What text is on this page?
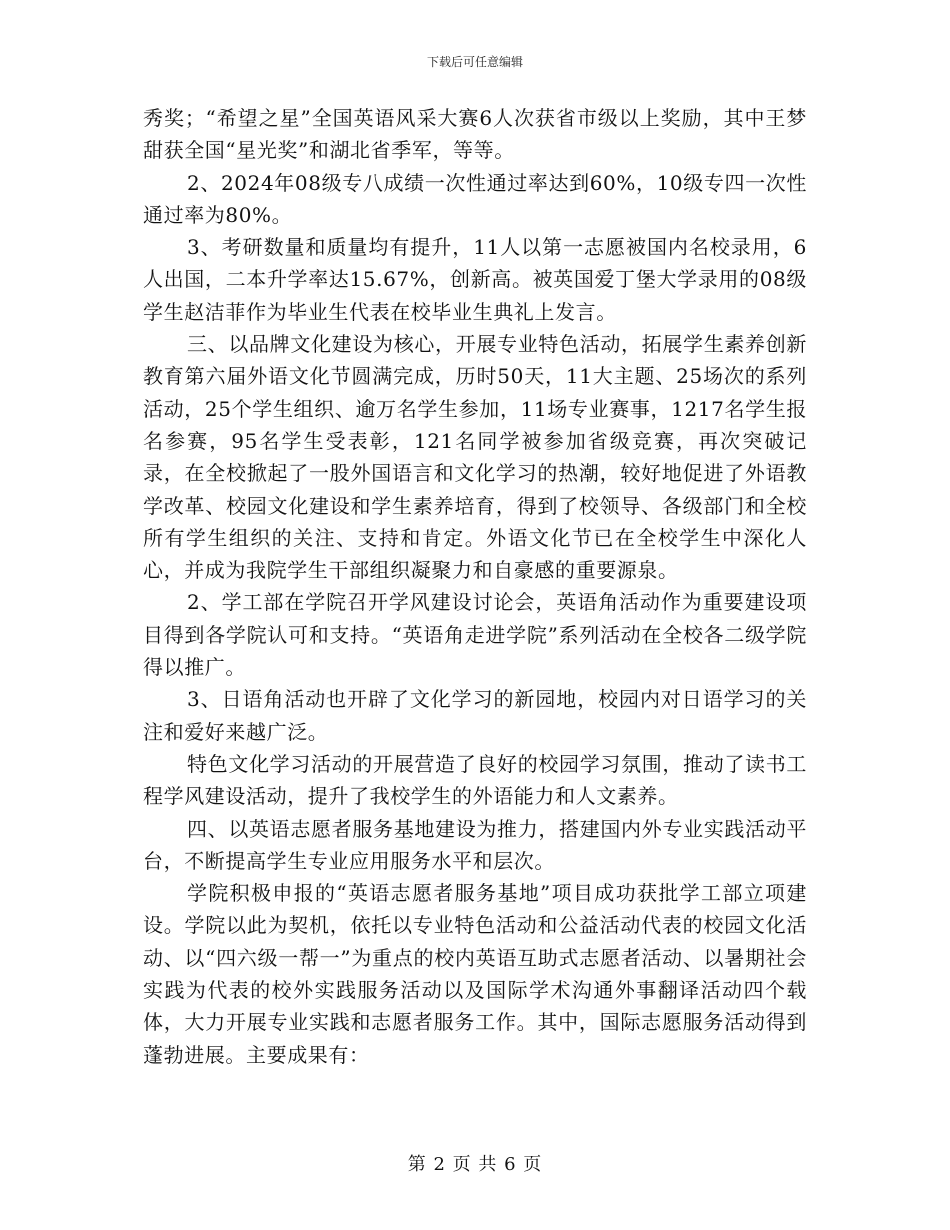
下载后可任意编辑

秀奖；“希望之星”全国英语风采大赛6人次获省市级以上奖励，其中王梦甜获全国“星光奖”和湖北省季军，等等。

2、2024年08级专八成绩一次性通过率达到60%，10级专四一次性通过率为80%。

3、考研数量和质量均有提升，11人以第一志愿被国内名校录用，6人出国，二本升学率达15.67%，创新高。被英国爱丁堡大学录用的08级学生赵洁菲作为毕业生代表在校毕业生典礼上发言。

三、以品牌文化建设为核心，开展专业特色活动，拓展学生素养创新教育第六届外语文化节圆满完成，历时50天，11大主题、25场次的系列活动，25个学生组织、逾万名学生参加，11场专业赛事，1217名学生报名参赛，95名学生受表彰，121名同学被参加省级竞赛，再次突破记录，在全校掀起了一股外国语言和文化学习的热潮，较好地促进了外语教学改革、校园文化建设和学生素养培育，得到了校领导、各级部门和全校所有学生组织的关注、支持和肯定。外语文化节已在全校学生中深化人心，并成为我院学生干部组织凝聚力和自豪感的重要源泉。

2、学工部在学院召开学风建设讨论会，英语角活动作为重要建设项目得到各学院认可和支持。“英语角走进学院”系列活动在全校各二级学院得以推广。

3、日语角活动也开辟了文化学习的新园地，校园内对日语学习的关注和爱好来越广泛。

特色文化学习活动的开展营造了良好的校园学习氛围，推动了读书工程学风建设活动，提升了我校学生的外语能力和人文素养。

四、以英语志愿者服务基地建设为推力，搭建国内外专业实践活动平台，不断提高学生专业应用服务水平和层次。

学院积极申报的“英语志愿者服务基地”项目成功获批学工部立项建设。学院以此为契机，依托以专业特色活动和公益活动代表的校园文化活动、以“四六级一帮一”为重点的校内英语互助式志愿者活动、以暑期社会实践为代表的校外实践服务活动以及国际学术沟通外事翻译活动四个载体，大力开展专业实践和志愿者服务工作。其中，国际志愿服务活动得到蓬勃进展。主要成果有：

第 2 页 共 6 页
